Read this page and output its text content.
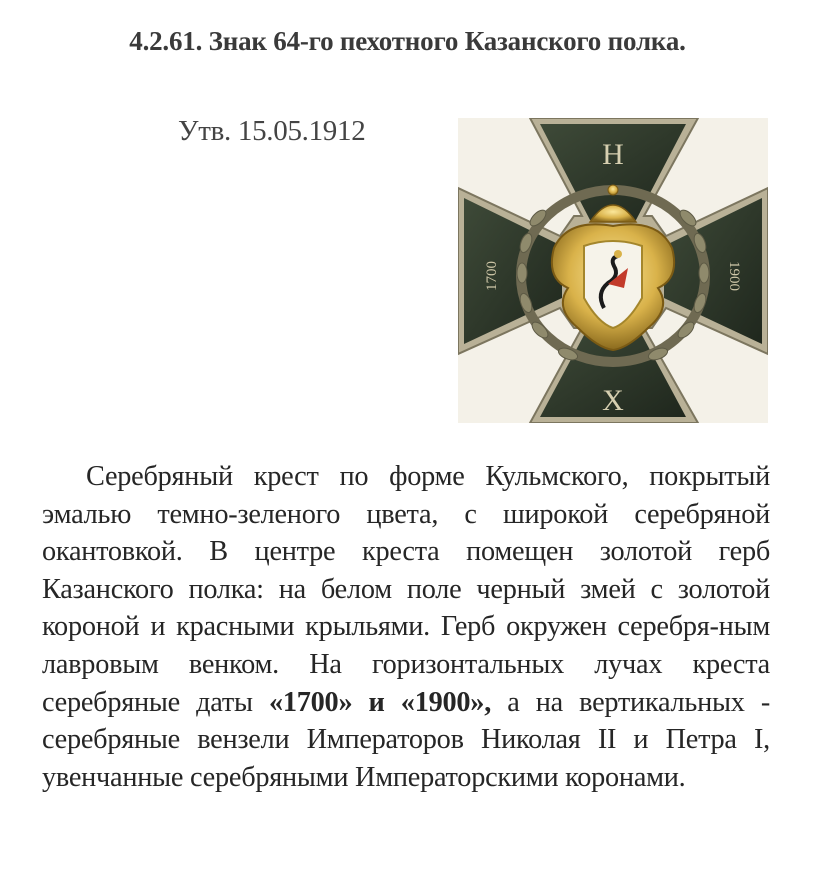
4.2.61. Знак 64-го пехотного Казанского полка.
Утв. 15.05.1912
1700	1900
Н
Х

Серебряный крест по форме Кульмского, покрытый эмалью темно-зеленого цвета, с широкой серебряной окантовкой. В центре креста помещен золотой герб Казанского полка: на белом поле черный змей с золотой короной и красными крыльями. Герб окружен серебря-ным лавровым венком. На горизонтальных лучах креста серебряные даты «1700» и «1900», а на вертикальных - серебряные вензели Императоров Николая II и Петра I, увенчанные серебряными Императорскими коронами.
